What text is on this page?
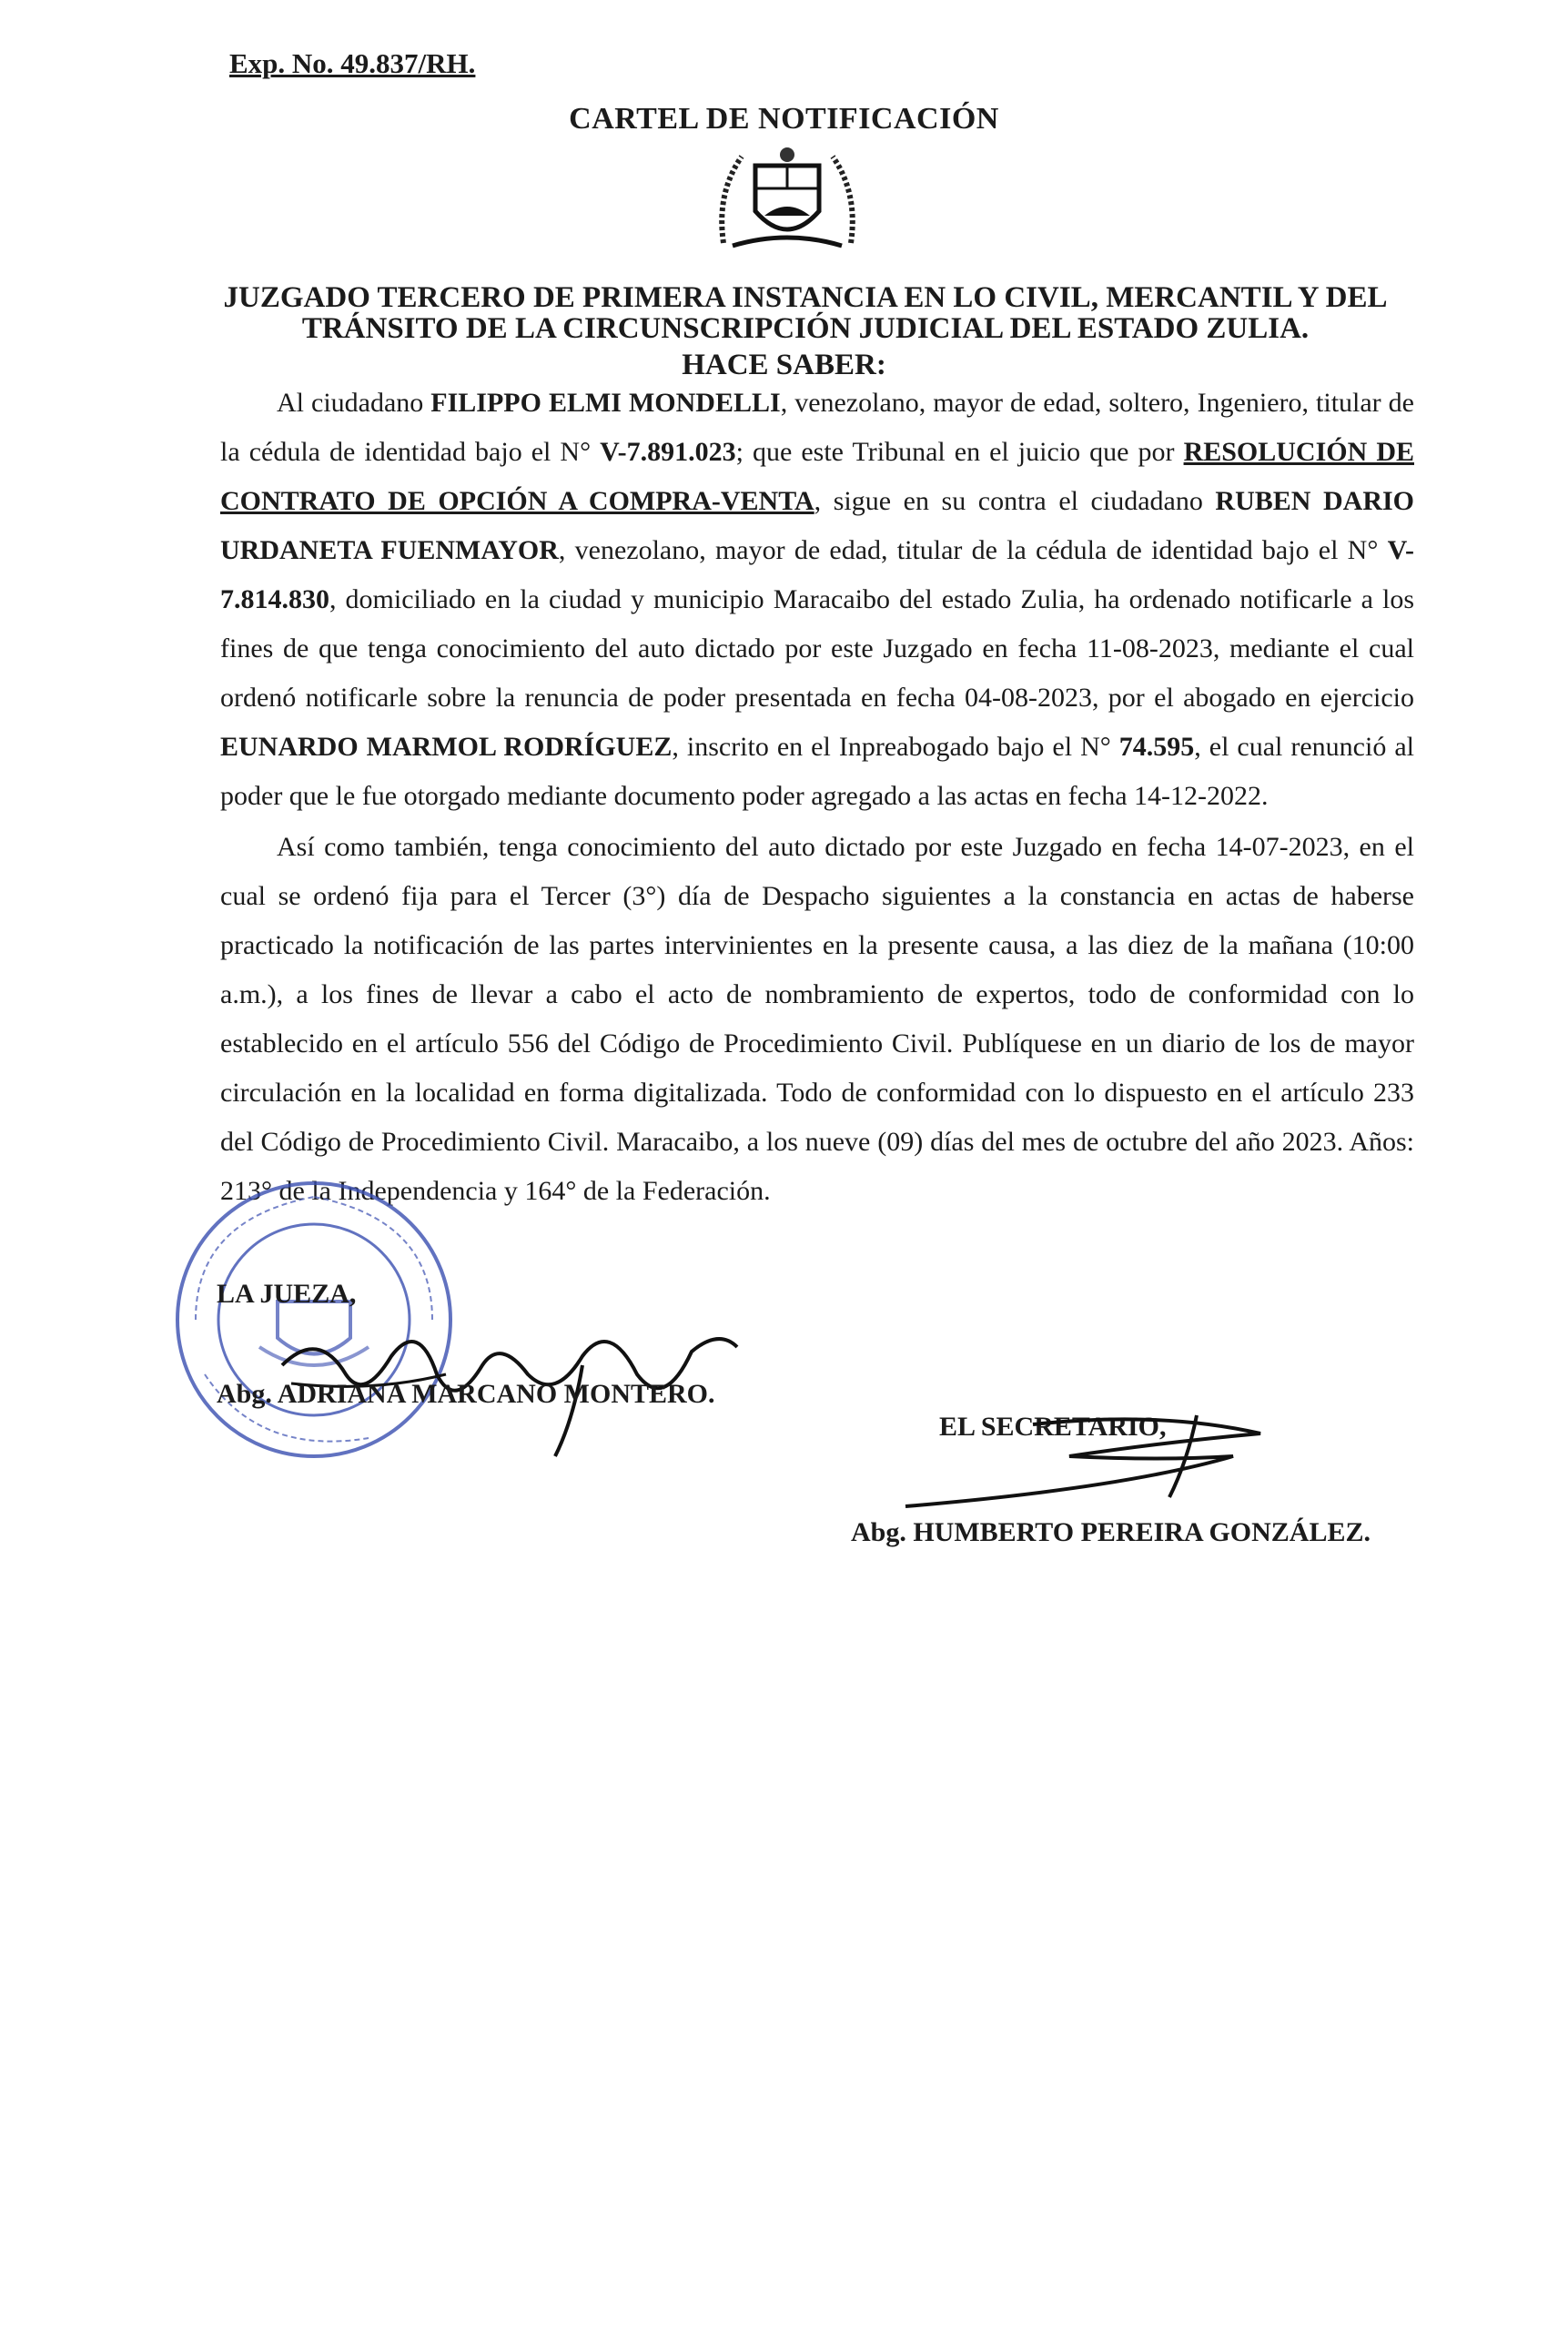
Exp. No. 49.837/RH.
CARTEL DE NOTIFICACIÓN
JUZGADO TERCERO DE PRIMERA INSTANCIA EN LO CIVIL, MERCANTIL Y DEL
TRÁNSITO DE LA CIRCUNSCRIPCIÓN JUDICIAL DEL ESTADO ZULIA.
HACE SABER:

Al ciudadano FILIPPO ELMI MONDELLI, venezolano, mayor de edad, soltero, Ingeniero, titular de la cédula de identidad bajo el N° V-7.891.023; que este Tribunal en el juicio que por RESOLUCIÓN DE CONTRATO DE OPCIÓN A COMPRA-VENTA, sigue en su contra el ciudadano RUBEN DARIO URDANETA FUENMAYOR, venezolano, mayor de edad, titular de la cédula de identidad bajo el N° V-7.814.830, domiciliado en la ciudad y municipio Maracaibo del estado Zulia, ha ordenado notificarle a los fines de que tenga conocimiento del auto dictado por este Juzgado en fecha 11-08-2023, mediante el cual ordenó notificarle sobre la renuncia de poder presentada en fecha 04-08-2023, por el abogado en ejercicio EUNARDO MARMOL RODRÍGUEZ, inscrito en el Inpreabogado bajo el N° 74.595, el cual renunció al poder que le fue otorgado mediante documento poder agregado a las actas en fecha 14-12-2022.

Así como también, tenga conocimiento del auto dictado por este Juzgado en fecha 14-07-2023, en el cual se ordenó fija para el Tercer (3°) día de Despacho siguientes a la constancia en actas de haberse practicado la notificación de las partes intervinientes en la presente causa, a las diez de la mañana (10:00 a.m.), a los fines de llevar a cabo el acto de nombramiento de expertos, todo de conformidad con lo establecido en el artículo 556 del Código de Procedimiento Civil. Publíquese en un diario de los de mayor circulación en la localidad en forma digitalizada. Todo de conformidad con lo dispuesto en el artículo 233 del Código de Procedimiento Civil. Maracaibo, a los nueve (09) días del mes de octubre del año 2023. Años: 213° de la Independencia y 164° de la Federación.

LA JUEZA,
Abg. ADRIANA MARCANO MONTERO.
EL SECRETARIO,
Abg. HUMBERTO PEREIRA GONZÁLEZ.
